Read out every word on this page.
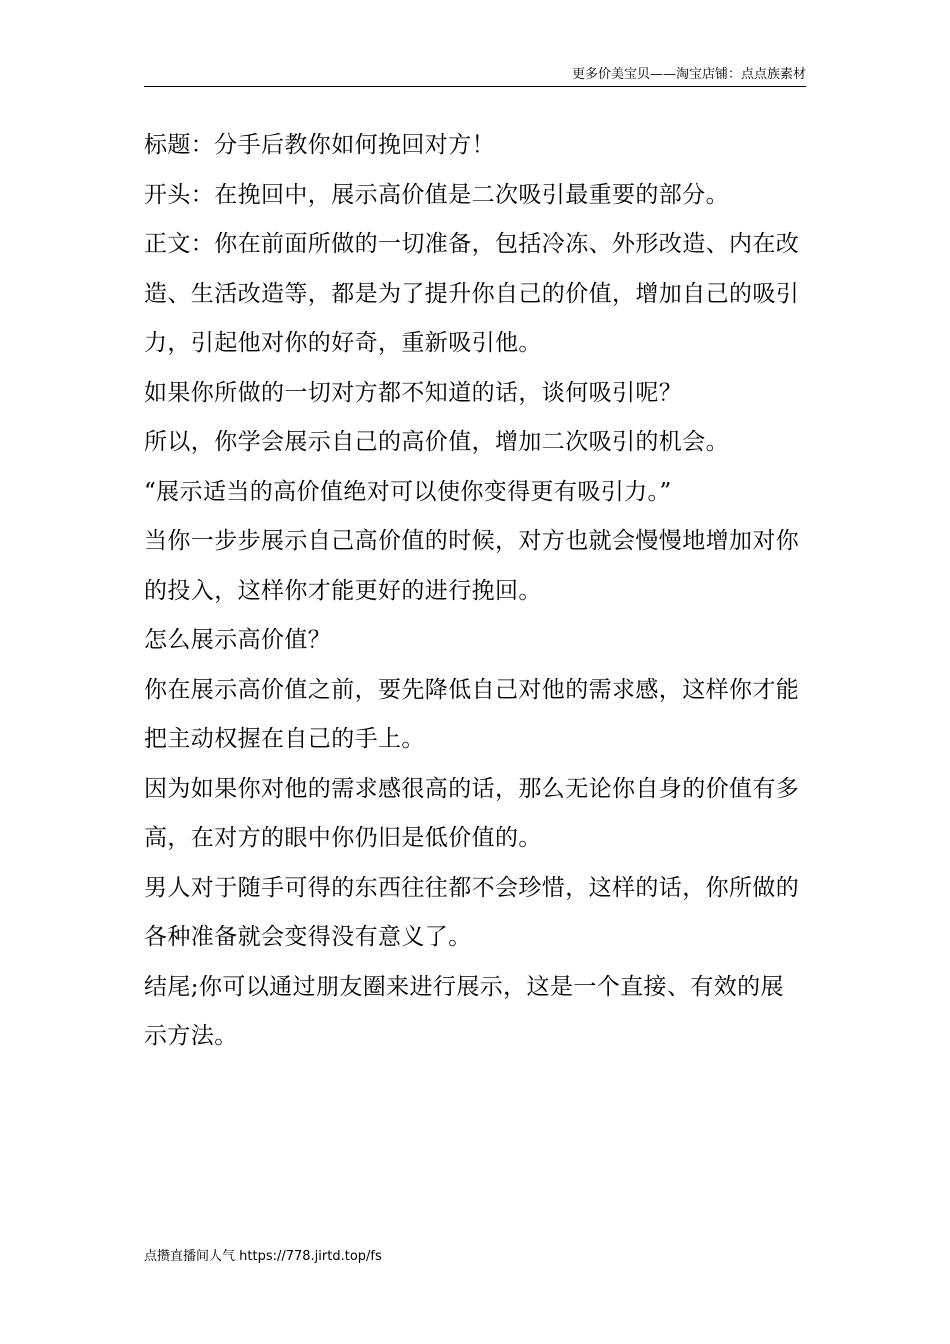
更多价美宝贝——淘宝店铺：点点族素材

标题：分手后教你如何挽回对方！

开头：在挽回中，展示高价值是二次吸引最重要的部分。

正文：你在前面所做的一切准备，包括冷冻、外形改造、内在改造、生活改造等，都是为了提升你自己的价值，增加自己的吸引力，引起他对你的好奇，重新吸引他。

如果你所做的一切对方都不知道的话，谈何吸引呢？

所以，你学会展示自己的高价值，增加二次吸引的机会。

“展示适当的高价值绝对可以使你变得更有吸引力。”

当你一步步展示自己高价值的时候，对方也就会慢慢地增加对你的投入，这样你才能更好的进行挽回。

怎么展示高价值？

你在展示高价值之前，要先降低自己对他的需求感，这样你才能把主动权握在自己的手上。

因为如果你对他的需求感很高的话，那么无论你自身的价值有多高，在对方的眼中你仍旧是低价值的。

男人对于随手可得的东西往往都不会珍惜，这样的话，你所做的各种准备就会变得没有意义了。

结尾;你可以通过朋友圈来进行展示，这是一个直接、有效的展示方法。

点攒直播间人气 https://778.jirtd.top/fs
